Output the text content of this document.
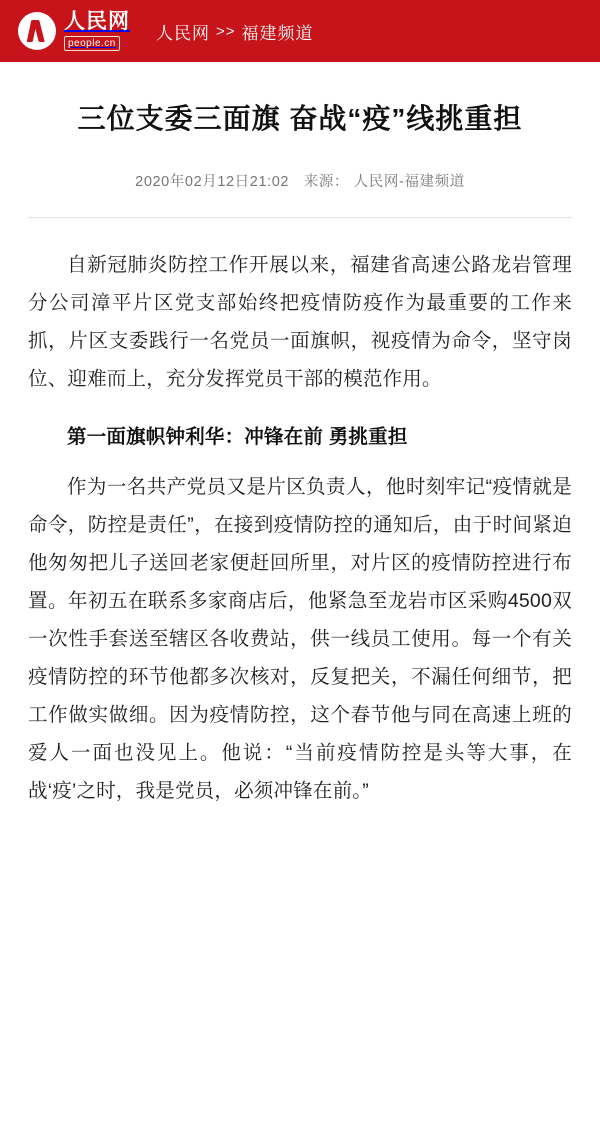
人民网
people.cn
人民网 >> 福建频道
三位支委三面旗 奋战“疫”线挑重担
2020年02月12日21:02 来源： 人民网-福建频道

自新冠肺炎防控工作开展以来，福建省高速公路龙岩管理分公司漳平片区党支部始终把疫情防疫作为最重要的工作来抓，片区支委践行一名党员一面旗帜，视疫情为命令，坚守岗位、迎难而上，充分发挥党员干部的模范作用。

第一面旗帜钟利华：冲锋在前 勇挑重担

作为一名共产党员又是片区负责人，他时刻牢记“疫情就是命令，防控是责任”，在接到疫情防控的通知后，由于时间紧迫他匆匆把儿子送回老家便赶回所里，对片区的疫情防控进行布置。年初五在联系多家商店后，他紧急至龙岩市区采购4500双一次性手套送至辖区各收费站，供一线员工使用。每一个有关疫情防控的环节他都多次核对，反复把关，不漏任何细节，把工作做实做细。因为疫情防控，这个春节他与同在高速上班的爱人一面也没见上。他说：“当前疫情防控是头等大事，在战‘疫’之时，我是党员，必须冲锋在前。”
